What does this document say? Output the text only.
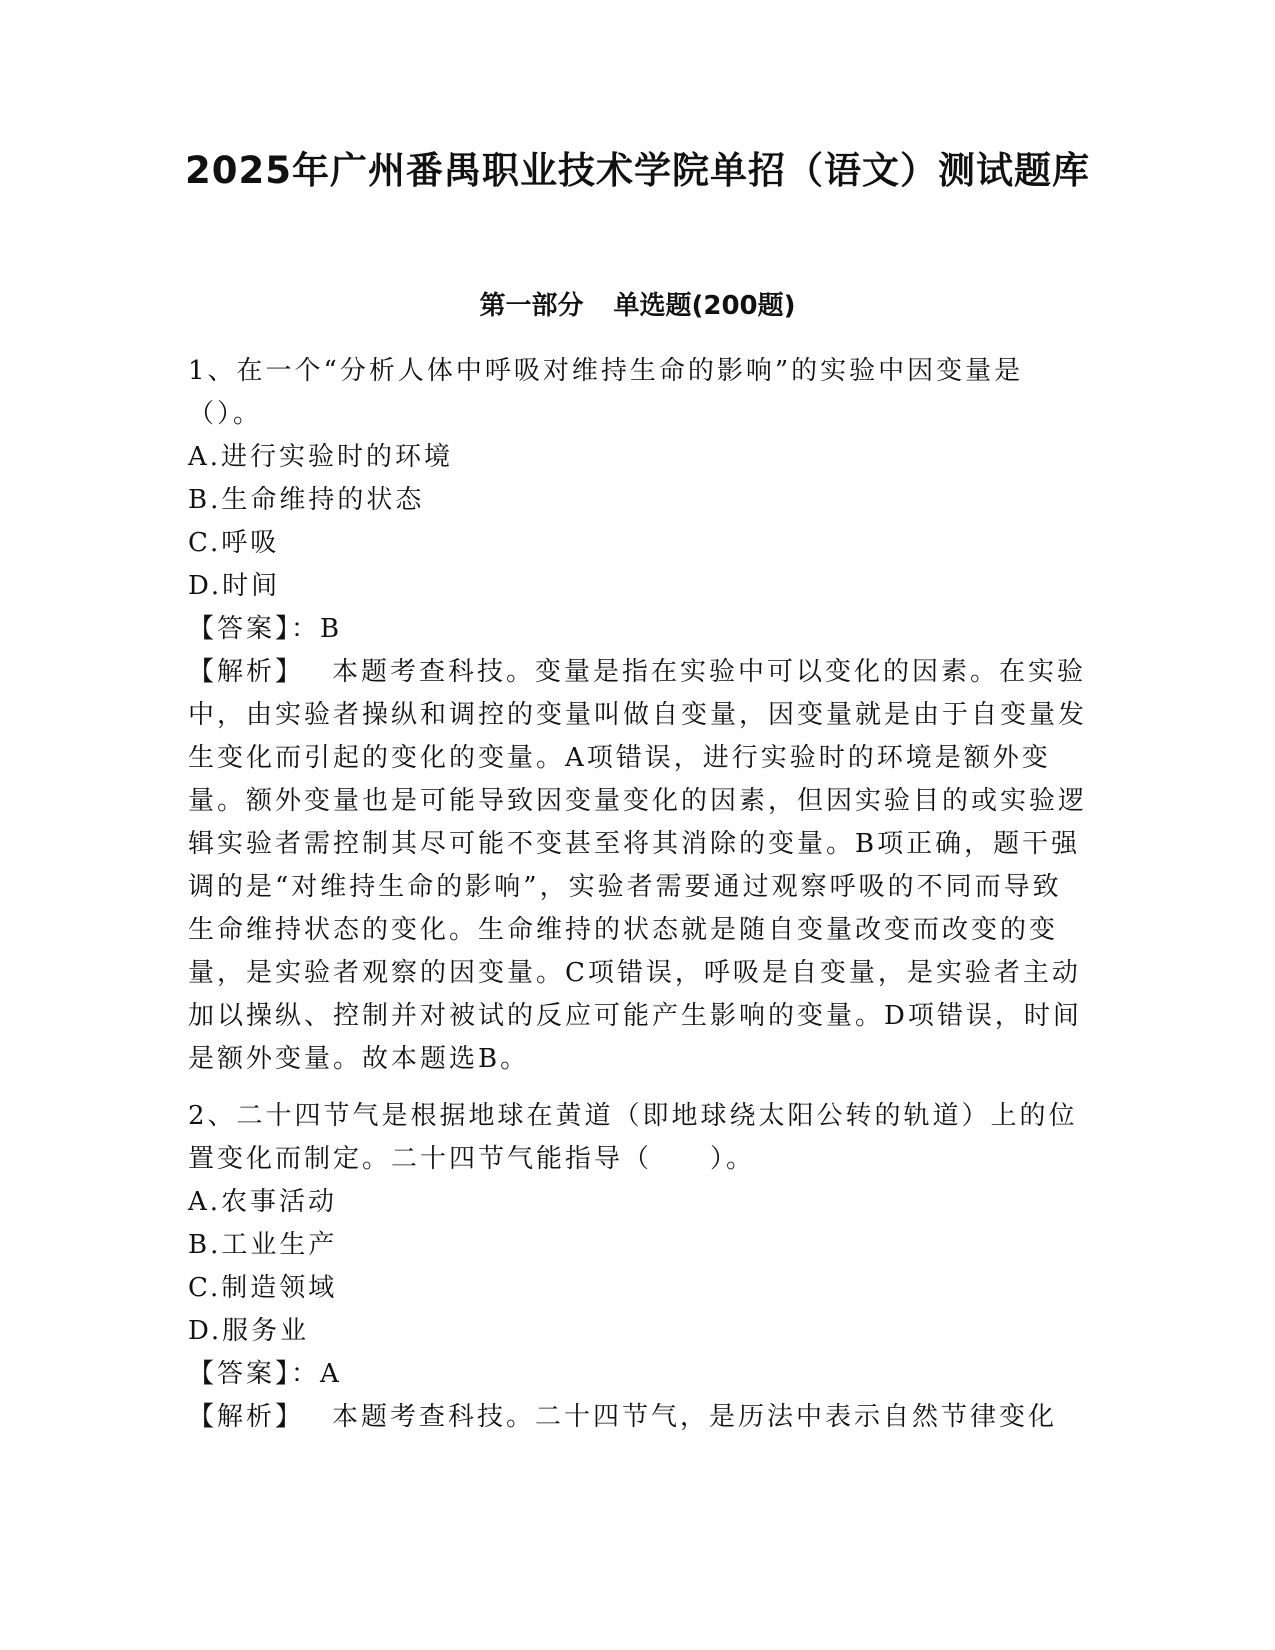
2025年广州番禺职业技术学院单招（语文）测试题库
第一部分 单选题(200题)

1、在一个“分析人体中呼吸对维持生命的影响”的实验中因变量是（）。

A.进行实验时的环境

B.生命维持的状态

C.呼吸

D.时间

【答案】：B

【解析】 本题考查科技。变量是指在实验中可以变化的因素。在实验中，由实验者操纵和调控的变量叫做自变量，因变量就是由于自变量发生变化而引起的变化的变量。A项错误，进行实验时的环境是额外变量。额外变量也是可能导致因变量变化的因素，但因实验目的或实验逻辑实验者需控制其尽可能不变甚至将其消除的变量。B项正确，题干强调的是“对维持生命的影响”，实验者需要通过观察呼吸的不同而导致生命维持状态的变化。生命维持的状态就是随自变量改变而改变的变量，是实验者观察的因变量。C项错误，呼吸是自变量，是实验者主动加以操纵、控制并对被试的反应可能产生影响的变量。D项错误，时间是额外变量。故本题选B。

2、二十四节气是根据地球在黄道（即地球绕太阳公转的轨道）上的位置变化而制定。二十四节气能指导（　　）。

A.农事活动

B.工业生产

C.制造领域

D.服务业

【答案】：A

【解析】 本题考查科技。二十四节气，是历法中表示自然节律变化
